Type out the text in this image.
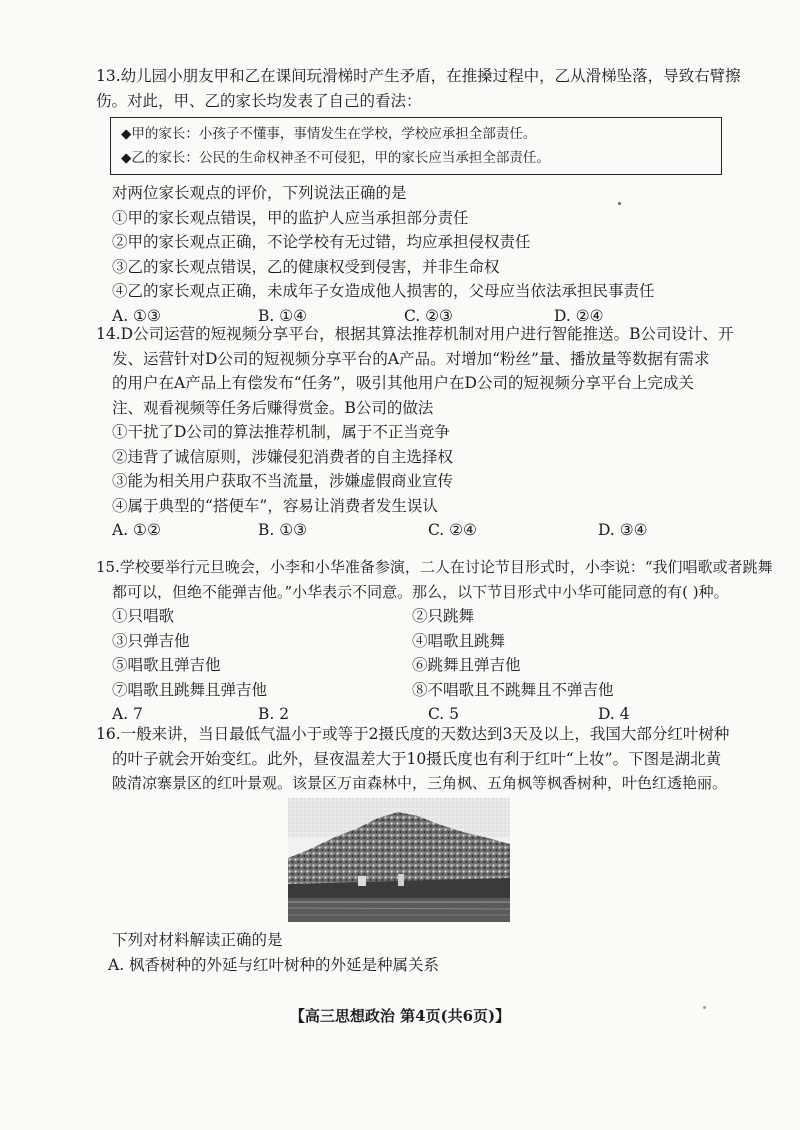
13.幼儿园小朋友甲和乙在课间玩滑梯时产生矛盾，在推搡过程中，乙从滑梯坠落，导致右臂擦
伤。对此，甲、乙的家长均发表了自己的看法：
◆甲的家长：小孩子不懂事，事情发生在学校，学校应承担全部责任。
◆乙的家长：公民的生命权神圣不可侵犯，甲的家长应当承担全部责任。
对两位家长观点的评价，下列说法正确的是
①甲的家长观点错误，甲的监护人应当承担部分责任
②甲的家长观点正确，不论学校有无过错，均应承担侵权责任
③乙的家长观点错误，乙的健康权受到侵害，并非生命权
④乙的家长观点正确，未成年子女造成他人损害的，父母应当依法承担民事责任
A. ①③	B. ①④	C. ②③	D. ②④
14.D公司运营的短视频分享平台，根据其算法推荐机制对用户进行智能推送。B公司设计、开
发、运营针对D公司的短视频分享平台的A产品。对增加“粉丝”量、播放量等数据有需求
的用户在A产品上有偿发布“任务”，吸引其他用户在D公司的短视频分享平台上完成关
注、观看视频等任务后赚得赏金。B公司的做法
①干扰了D公司的算法推荐机制，属于不正当竞争
②违背了诚信原则，涉嫌侵犯消费者的自主选择权
③能为相关用户获取不当流量，涉嫌虚假商业宣传
④属于典型的“搭便车”，容易让消费者发生误认
A. ①②	B. ①③	C. ②④	D. ③④
15.学校要举行元旦晚会，小李和小华准备参演，二人在讨论节目形式时，小李说：“我们唱歌或者跳舞
都可以，但绝不能弹吉他。”小华表示不同意。那么，以下节目形式中小华可能同意的有( )种。
①只唱歌	②只跳舞
③只弹吉他	④唱歌且跳舞
⑤唱歌且弹吉他	⑥跳舞且弹吉他
⑦唱歌且跳舞且弹吉他	⑧不唱歌且不跳舞且不弹吉他
A. 7	B. 2	C. 5	D. 4
16.一般来讲，当日最低气温小于或等于2摄氏度的天数达到3天及以上，我国大部分红叶树种
的叶子就会开始变红。此外，昼夜温差大于10摄氏度也有利于红叶“上妆”。下图是湖北黄
陂清凉寨景区的红叶景观。该景区万亩森林中，三角枫、五角枫等枫香树种，叶色红透艳丽。
下列对材料解读正确的是
A. 枫香树种的外延与红叶树种的外延是种属关系
【高三思想政治 第4页(共6页)】
